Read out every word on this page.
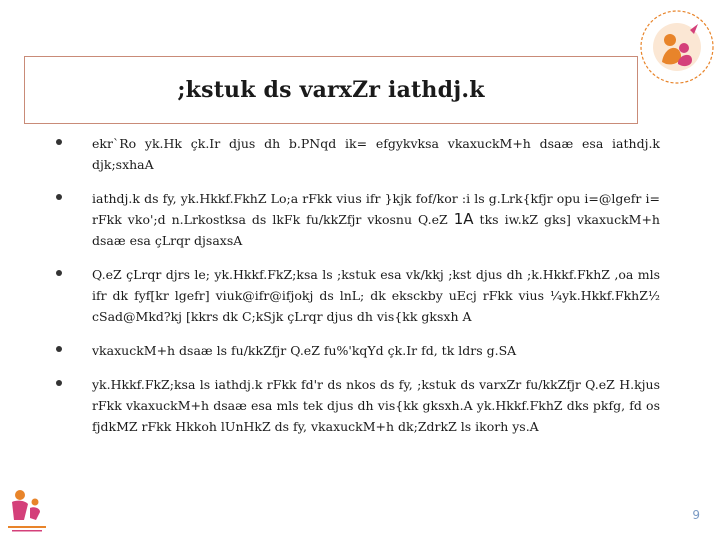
;kstuk ds varxZr iathdj.k
ekr`Ro yk.Hk çk.Ir djus dh b.PNqd ik= efgykvksa vkaxuckM+h dsaæ esa iathdj.k djk;sxhaA
iathdj.k ds fy, yk.Hkkf.FkhZ Lo;a rFkk vius ifr }kjk fof/kor :i ls g.Lrk{kfjr opu i=@lgefr i= rFkk vko';d n.Lrkostksa ds lkFk fu/kkZfjr vkosnu Q.eZ 1A tks iw.kZ gks] vkaxuckM+h dsaæ esa çLrqr djsaxsA
Q.eZ çLrqr djrs le; yk.Hkkf.FkZ;ksa ls ;kstuk esa vk/kkj ;kst djus dh ;k.Hkkf.FkhZ ,oa mls ifr dk fyf[kr lgefr] viuk@ifr@ifjokj ds lnL; dk eksckby uEcj rFkk vius ¼yk.Hkkf.FkhZ½ cSad@Mkd?kj [kkrs dk C;kSjk çLrqr djus dh vis{kk gksxh A
vkaxuckM+h dsaæ ls fu/kkZfjr Q.eZ fu%'kqYd çk.Ir fd, tk ldrs g.SA
yk.Hkkf.FkZ;ksa ls iathdj.k rFkk fd'r ds nkos ds fy, ;kstuk ds varxZr fu/kkZfjr Q.eZ H.kjus rFkk vkaxuckM+h dsaæ esa mls tek djus dh vis{kk gksxh.A yk.Hkkf.FkhZ dks pkfg, fd os fjdkMZ rFkk Hkkoh lUnHkZ ds fy, vkaxuckM+h dk;ZdrkZ ls ikorh ys.A
9
